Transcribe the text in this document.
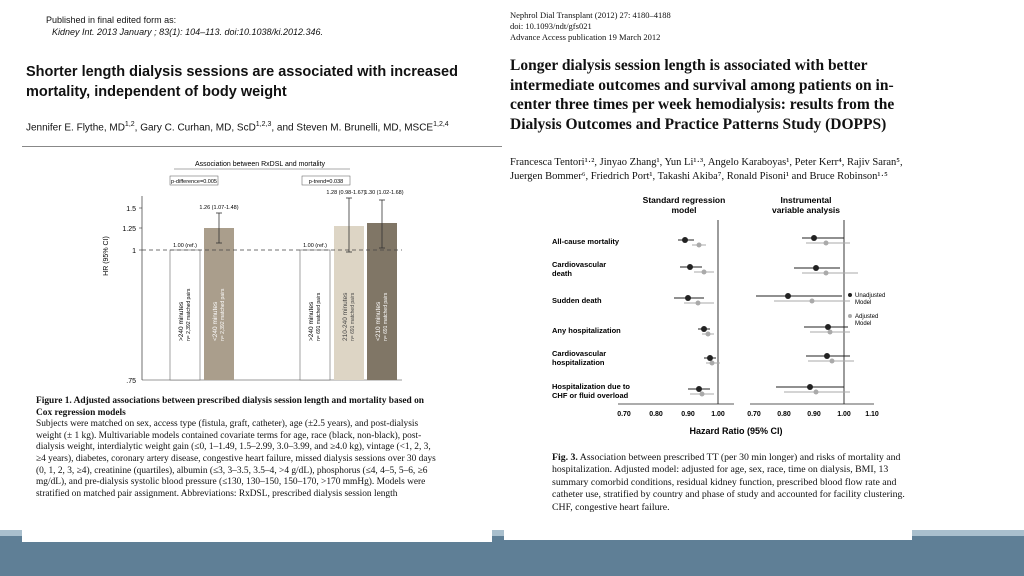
Published in final edited form as:
Kidney Int. 2013 January ; 83(1): 104–113. doi:10.1038/ki.2012.346.
Shorter length dialysis sessions are associated with increased mortality, independent of body weight
Jennifer E. Flythe, MD$^{1,2}$, Gary C. Curhan, MD, ScD$^{1,2,3}$, and Steven M. Brunelli, MD, MSCE$^{1,2,4}$
Association between RxDSL and mortality
HR (95% CI)
1.5
1.25
1
.75
p-difference=0.005	p-trend=0.038
1.00 (ref.)
1.26 (1.07-1.48)
1.00 (ref.)
1.28 (0.98-1.67)
1.30 (1.02-1.68)
>240 minutes n= 2,392 matched pairs	<240 minutes n= 2,392 matched pairs	>240 minutes n= 691 matched pairs	210-240 minutes n= 691 matched pairs	<210 minutes n= 691 matched pairs
Figure 1. Adjusted associations between prescribed dialysis session length and mortality based on Cox regression models
Subjects were matched on sex, access type (fistula, graft, catheter), age (±2.5 years), and post-dialysis weight (± 1 kg). Multivariable models contained covariate terms for age, race (black, non-black), post-dialysis weight, interdialytic weight gain (≤0, 1–1.49, 1.5–2.99, 3.0–3.99, and ≥4.0 kg), vintage (<1, 2, 3, ≥4 years), diabetes, coronary artery disease, congestive heart failure, missed dialysis sessions over 30 days (0, 1, 2, 3, ≥4), creatinine (quartiles), albumin (≤3, 3–3.5, 3.5–4, >4 g/dL), phosphorus (≤4, 4–5, 5–6, ≥6 mg/dL), and pre-dialysis systolic blood pressure (≤130, 130–150, 150–170, >170 mmHg). Models were stratified on matched pair assignment. Abbreviations: RxDSL, prescribed dialysis session length
Nephrol Dial Transplant (2012) 27: 4180–4188
doi: 10.1093/ndt/gfs021
Advance Access publication 19 March 2012
Longer dialysis session length is associated with better intermediate outcomes and survival among patients on in-center three times per week hemodialysis: results from the Dialysis Outcomes and Practice Patterns Study (DOPPS)
Francesca Tentori¹·², Jinyao Zhang¹, Yun Li¹·³, Angelo Karaboyas¹, Peter Kerr⁴, Rajiv Saran⁵, Juergen Bommer⁶, Friedrich Port¹, Takashi Akiba⁷, Ronald Pisoni¹ and Bruce Robinson¹·⁵
Standard regression
model
Instrumental
variable analysis
All-cause mortality
Cardiovascular
death
Sudden death
Any hospitalization
Cardiovascular
hospitalization
Hospitalization due to
CHF or fluid overload
Unadjusted
Model
Adjusted
Model
0.70	0.80	0.90 1.00	0.70 0.80 0.90 1.00 1.10
Hazard Ratio (95% CI)
Fig. 3. Association between prescribed TT (per 30 min longer) and risks of mortality and hospitalization. Adjusted model: adjusted for age, sex, race, time on dialysis, BMI, 13 summary comorbid conditions, residual kidney function, prescribed blood flow rate and catheter use, stratified by country and phase of study and accounted for facility clustering. CHF, congestive heart failure.
